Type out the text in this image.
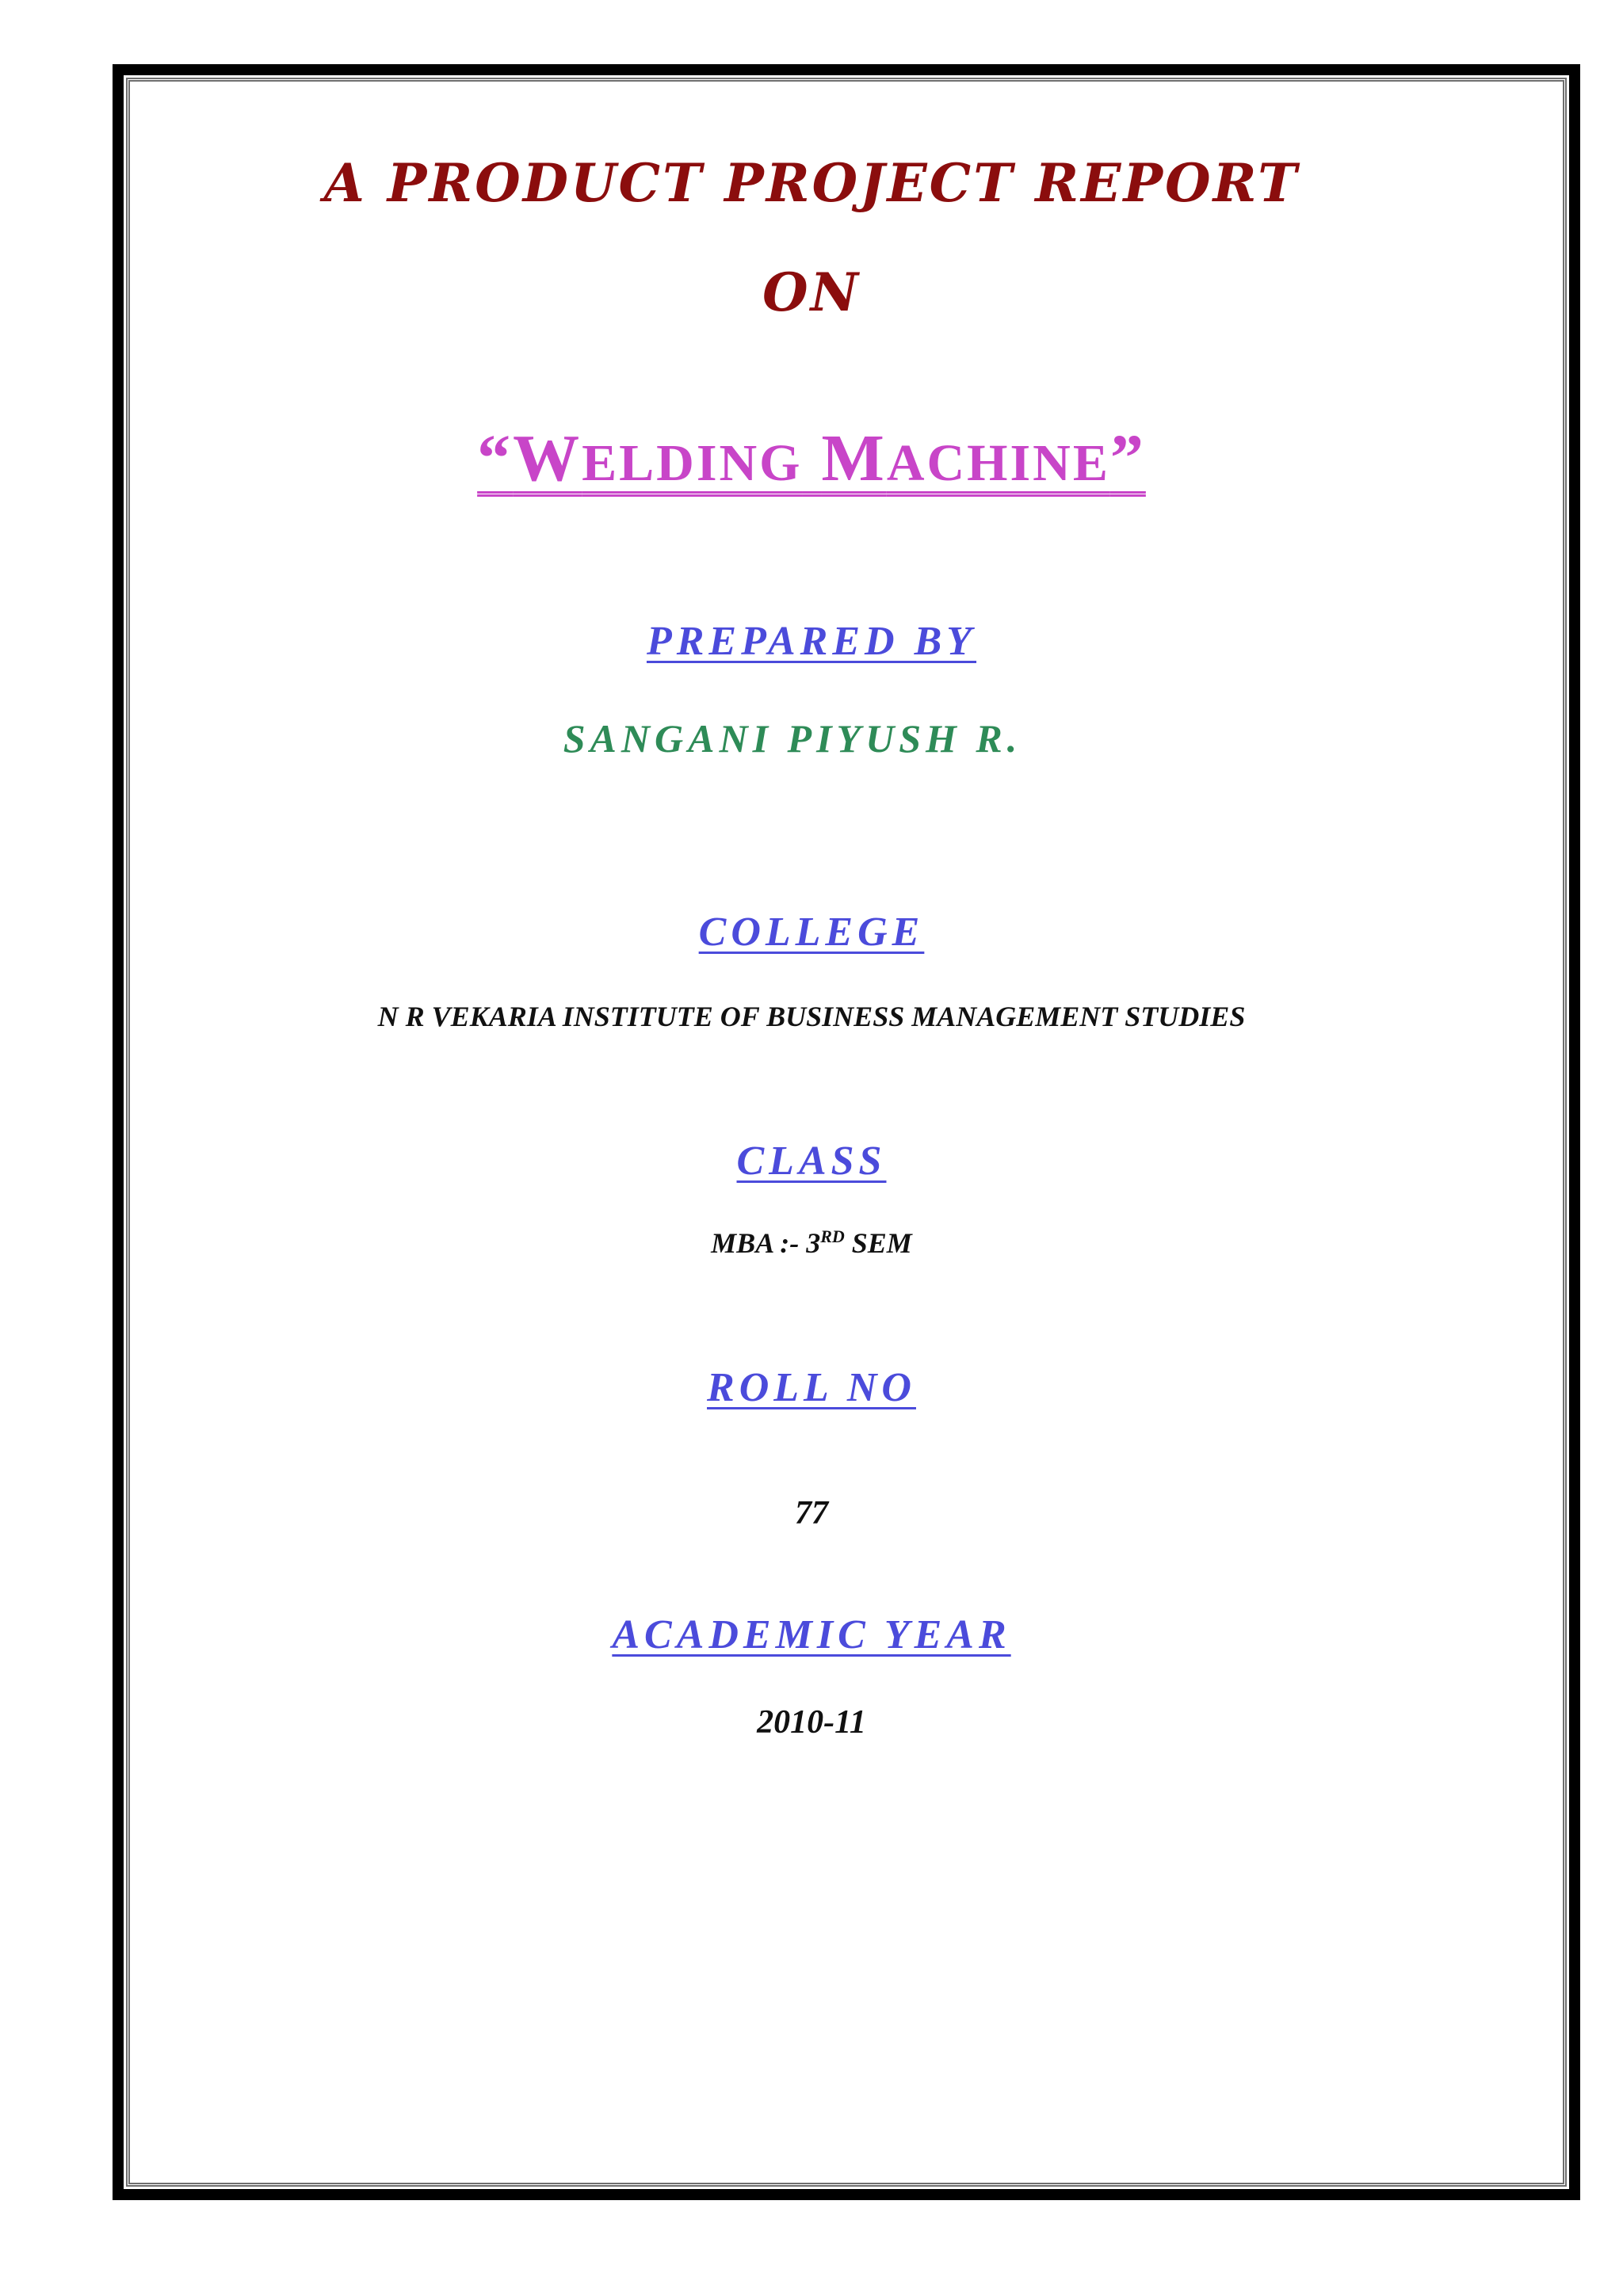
A PRODUCT PROJECT REPORT
ON
“WELDING MACHINE”
PREPARED BY
SANGANI PIYUSH R.
COLLEGE
N R VEKARIA INSTITUTE OF BUSINESS MANAGEMENT STUDIES
CLASS
MBA :- 3RD SEM
ROLL NO
77
ACADEMIC YEAR
2010-11
